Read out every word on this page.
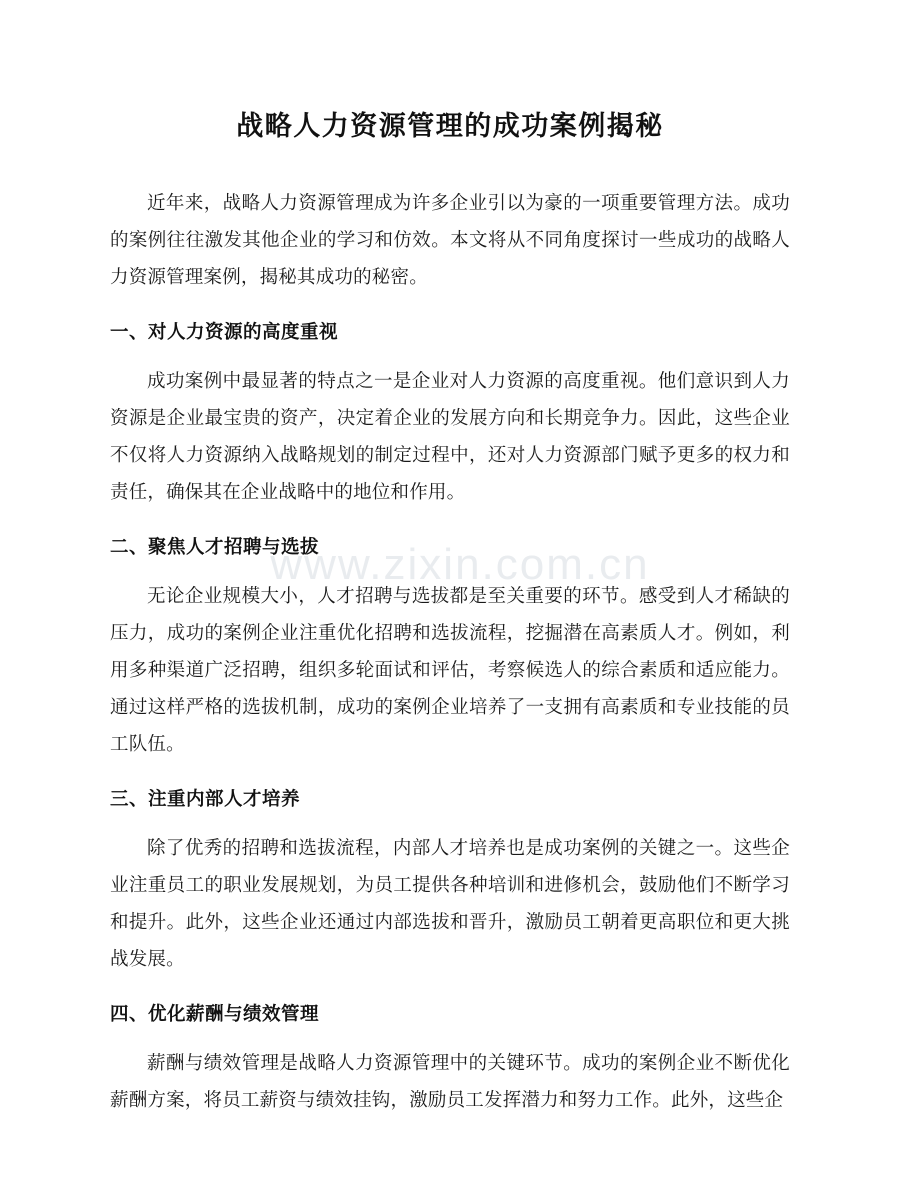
www.zixin.com.cn
战略人力资源管理的成功案例揭秘

近年来，战略人力资源管理成为许多企业引以为豪的一项重要管理方法。成功的案例往往激发其他企业的学习和仿效。本文将从不同角度探讨一些成功的战略人力资源管理案例，揭秘其成功的秘密。

一、对人力资源的高度重视

成功案例中最显著的特点之一是企业对人力资源的高度重视。他们意识到人力资源是企业最宝贵的资产，决定着企业的发展方向和长期竞争力。因此，这些企业不仅将人力资源纳入战略规划的制定过程中，还对人力资源部门赋予更多的权力和责任，确保其在企业战略中的地位和作用。

二、聚焦人才招聘与选拔

无论企业规模大小，人才招聘与选拔都是至关重要的环节。感受到人才稀缺的压力，成功的案例企业注重优化招聘和选拔流程，挖掘潜在高素质人才。例如，利用多种渠道广泛招聘，组织多轮面试和评估，考察候选人的综合素质和适应能力。通过这样严格的选拔机制，成功的案例企业培养了一支拥有高素质和专业技能的员工队伍。

三、注重内部人才培养

除了优秀的招聘和选拔流程，内部人才培养也是成功案例的关键之一。这些企业注重员工的职业发展规划，为员工提供各种培训和进修机会，鼓励他们不断学习和提升。此外，这些企业还通过内部选拔和晋升，激励员工朝着更高职位和更大挑战发展。

四、优化薪酬与绩效管理

薪酬与绩效管理是战略人力资源管理中的关键环节。成功的案例企业不断优化薪酬方案，将员工薪资与绩效挂钩，激励员工发挥潜力和努力工作。此外，这些企
